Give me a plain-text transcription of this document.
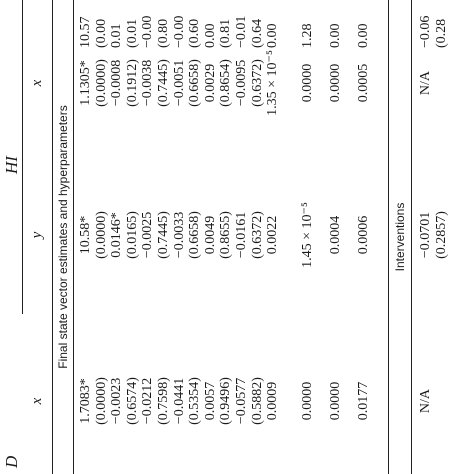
D
HI
x
y
x
Final state vector estimates and hyperparameters
1.7083*
10.58*
1.1305*
10.57
(0.0000)
(0.0000)
(0.0000)
(0.00
−0.0023
0.0146*
−0.0008
0.01
(0.6574)
(0.0165)
(0.1912)
(0.01
−0.0212
−0.0025
−0.0038
−0.00
(0.7598)
(0.7445)
(0.7445)
(0.80
−0.0441
−0.0033
−0.0051
−0.00
(0.5354)
(0.6658)
(0.6658)
(0.60
0.0057
0.0049
0.0029
0.00
(0.9496)
(0.8655)
(0.8654)
(0.81
−0.0577
−0.0161
−0.0095
−0.01
(0.5882)
(0.6372)
(0.6372)
(0.64
0.0009
0.0022
1.35 × 10⁻⁵
0.00
0.0000
1.45 × 10⁻⁵
0.0000
1.28
0.0000
0.0004
0.0000
0.00
0.0177
0.0006
0.0005
0.00
Interventions
N/A
−0.0701
N/A
−0.06
(0.2857)
(0.28
